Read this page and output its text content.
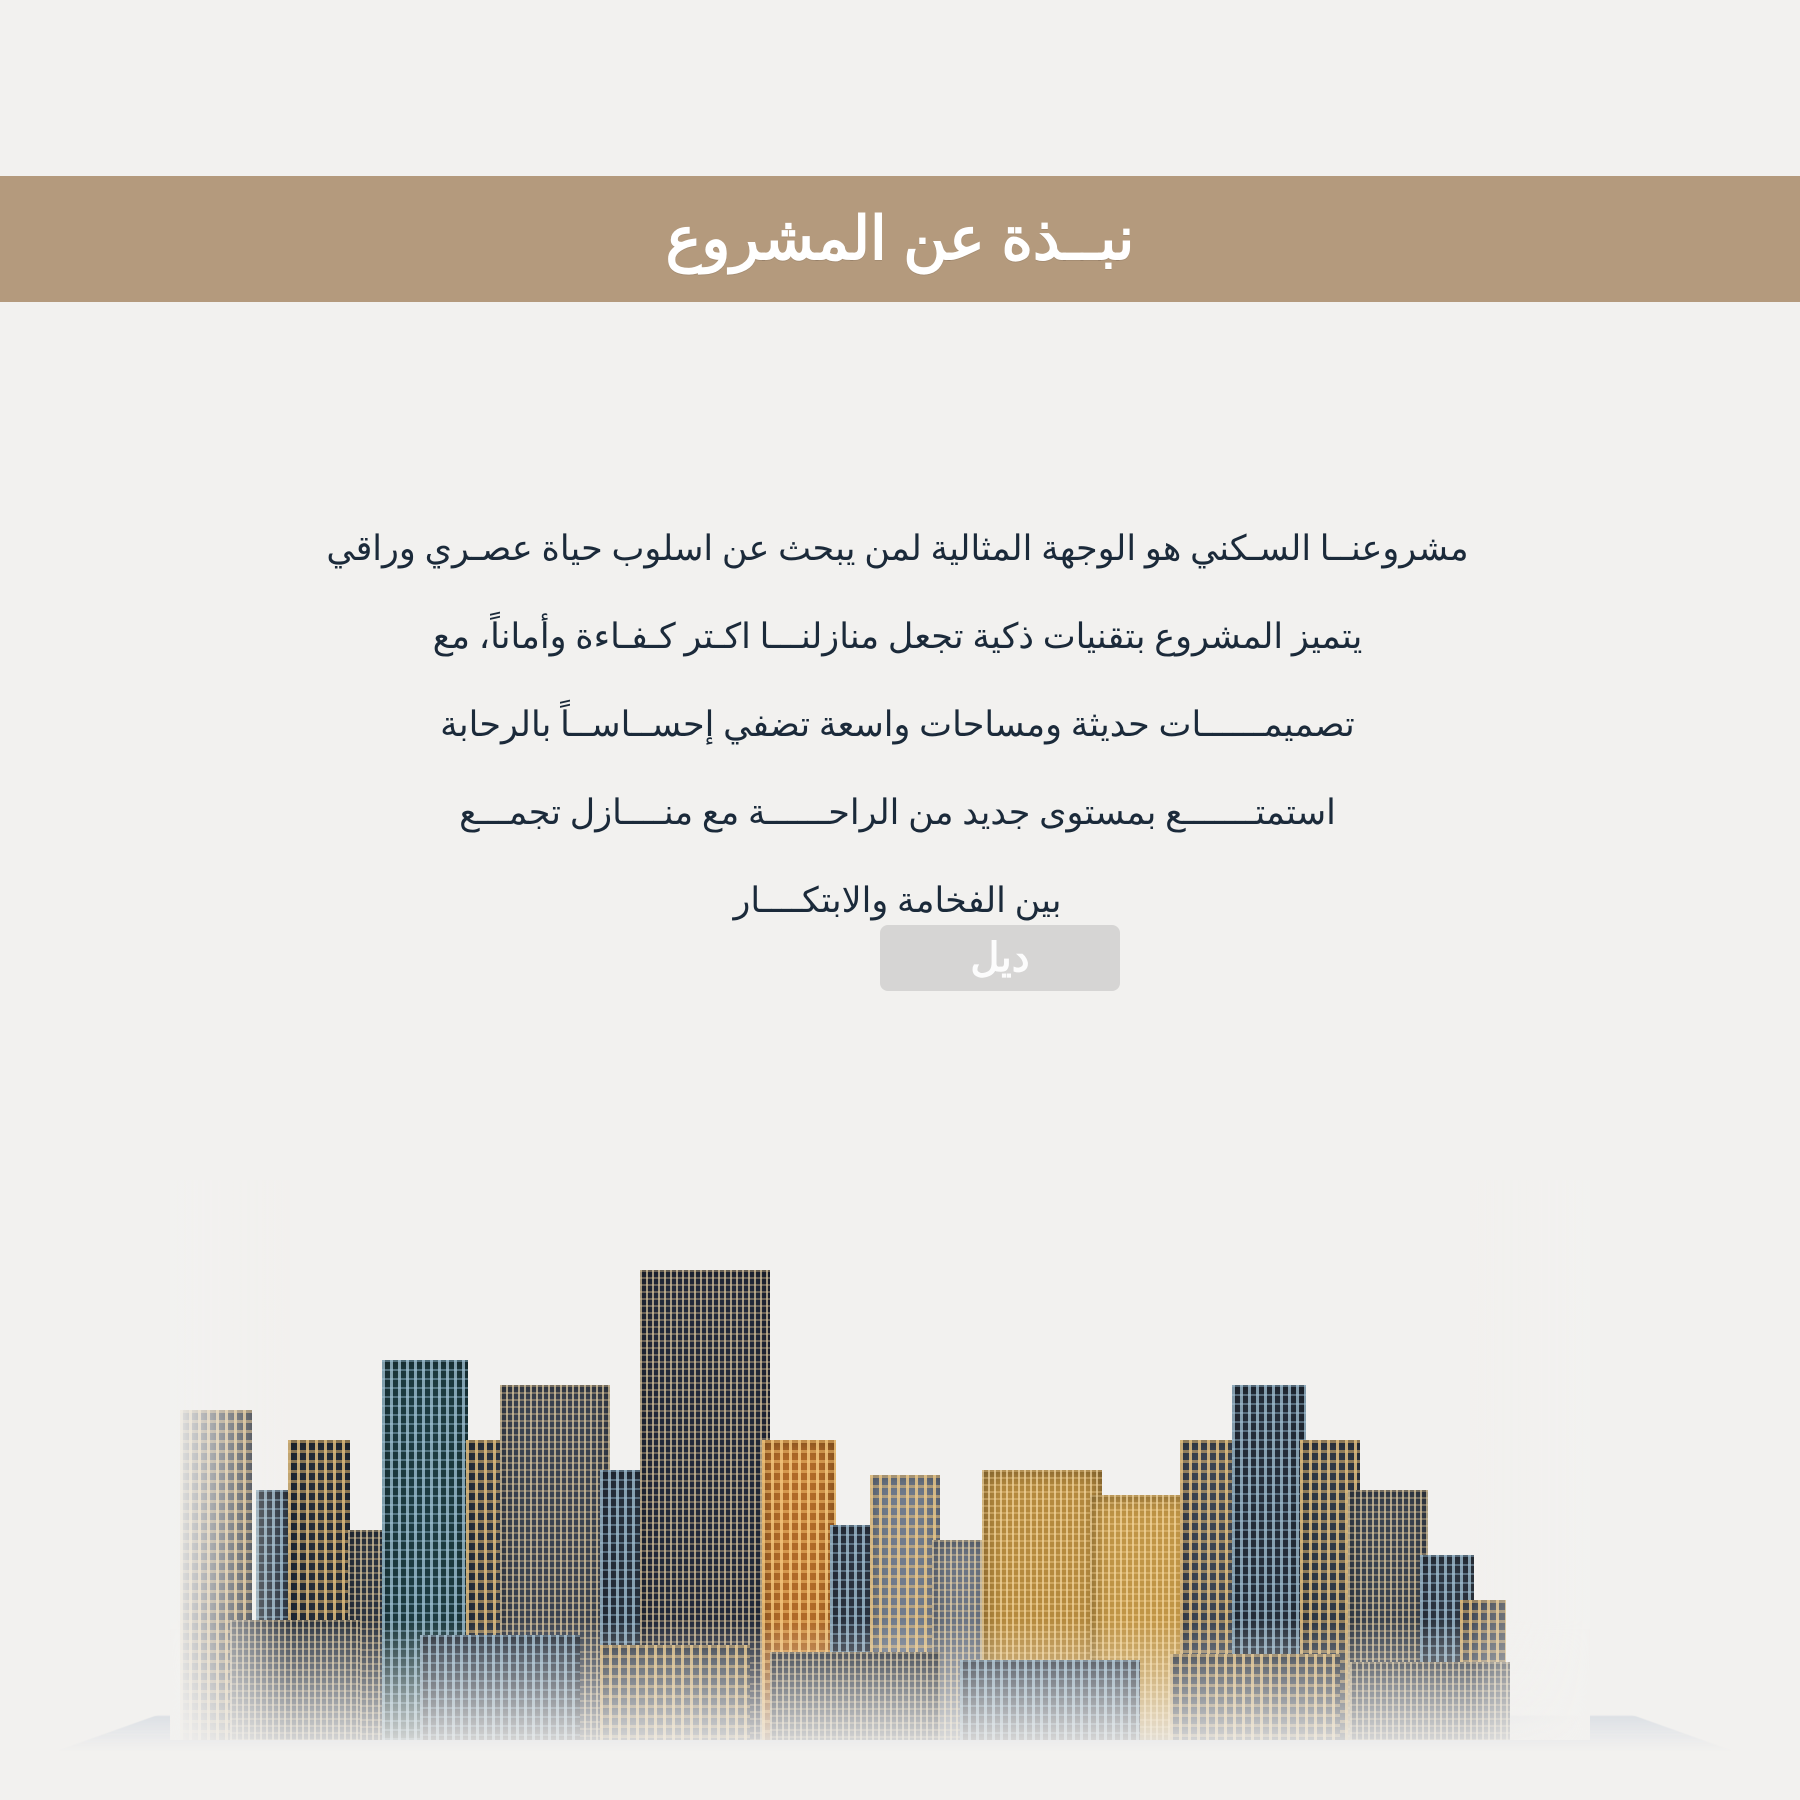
نبــذة عن المشروع
مشروعنــا السـكني هو الوجهة المثالية لمن يبحث عن اسلوب حياة عصـري وراقي
يتميز المشروع بتقنيات ذكية تجعل منازلنـــا اكـتر كـفـاءة وأماناً، مع
تصميمــــــات حديثة ومساحات واسعة تضفي إحســاســاً بالرحابة
استمتـــــــع بمستوى جديد من الراحــــــة مع منــــازل تجمـــع
بين الفخامة والابتكــــار
ديل
